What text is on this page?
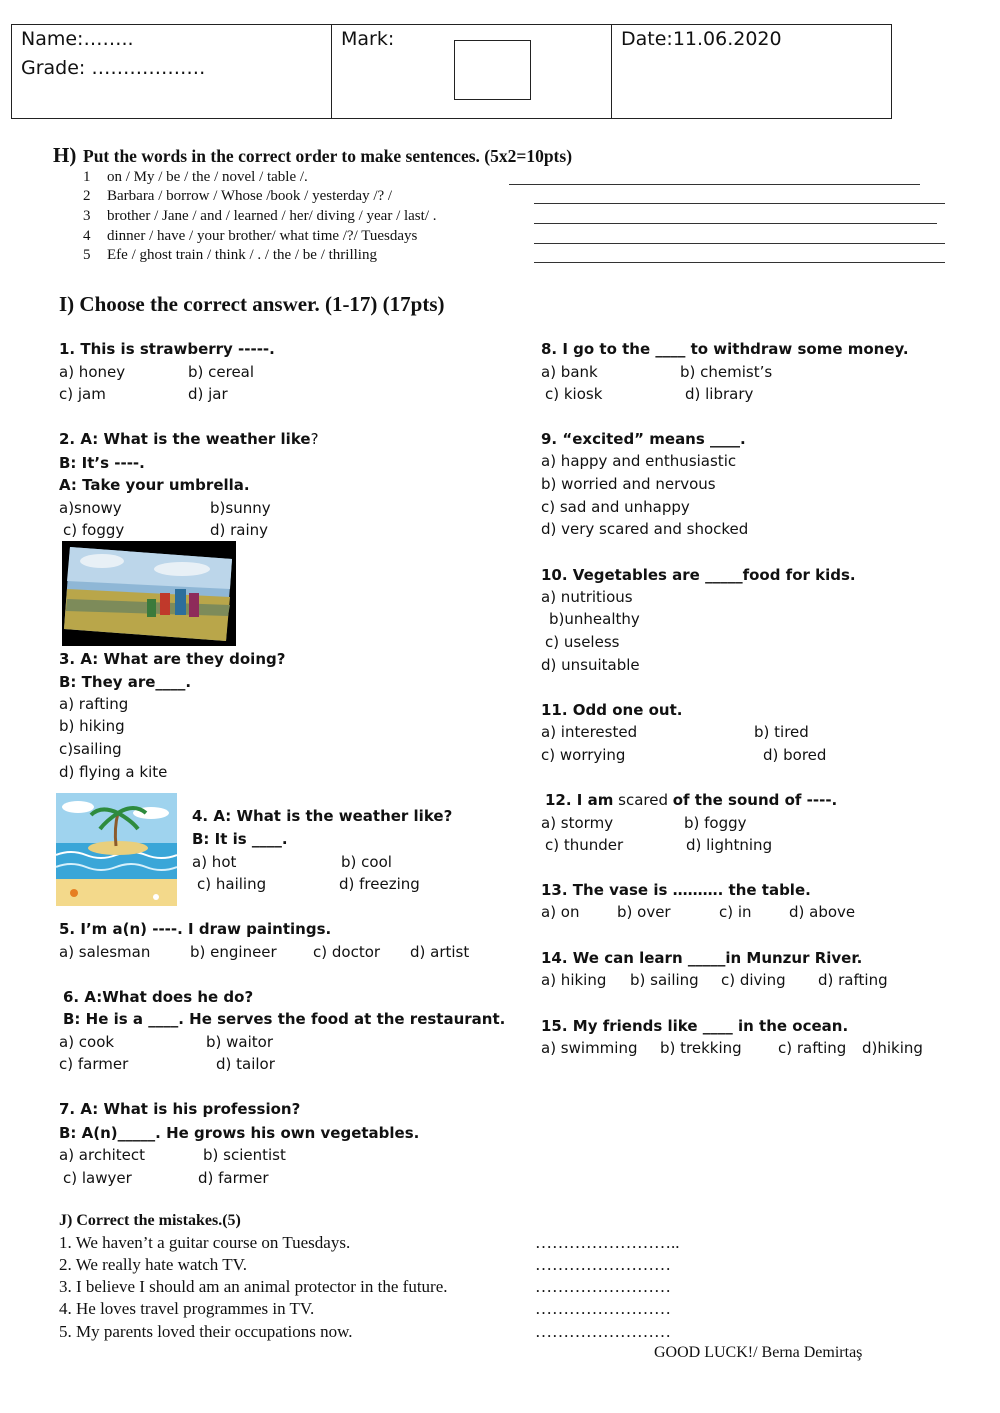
Name:……..
Grade: ………………
Mark:	Date:11.06.2020
H) Put the words in the correct order to make sentences. (5x2=10pts)
1 on / My / be / the / novel / table /.
2 Barbara / borrow / Whose /book / yesterday /? /
3 brother / Jane / and / learned / her/ diving / year / last/ .
4 dinner / have / your brother/ what time /?/ Tuesdays
5 Efe / ghost train / think / . / the / be / thrilling
I) Choose the correct answer. (1-17) (17pts)
1. This is strawberry -----.
a) honey	b) cereal
c) jam	d) jar
2. A: What is the weather like?
B: It’s ----.
A: Take your umbrella.
a)snowy	b)sunny
c) foggy	d) rainy
3. A: What are they doing?
B: They are____.
a) rafting
b) hiking
c)sailing
d) flying a kite
4. A: What is the weather like?
B: It is ____.
a) hot	b) cool
c) hailing	d) freezing
5. I’m a(n) ----. I draw paintings.
a) salesman	b) engineer c) doctor d) artist
6. A:What does he do?
B: He is a ____. He serves the food at the restaurant.
a) cook	b) waitor
c) farmer	d) tailor
7. A: What is his profession?
B: A(n)_____. He grows his own vegetables.
a) architect	b) scientist
c) lawyer	d) farmer
8. I go to the ____ to withdraw some money.
a) bank	b) chemist’s
c) kiosk	d) library
9. “excited” means ____.
a) happy and enthusiastic
b) worried and nervous
c) sad and unhappy
d) very scared and shocked
10. Vegetables are _____food for kids.
a) nutritious
b)unhealthy
c) useless
d) unsuitable
11. Odd one out.
a) interested	b) tired
c) worrying	d) bored
12. I am scared of the sound of ----.
a) stormy	b) foggy
c) thunder	d) lightning
13. The vase is ………. the table.
a) on	b) over	c) in d) above
14. We can learn _____in Munzur River.
a) hiking b) sailing c) diving d) rafting
15. My friends like ____ in the ocean.
a) swimming b) trekking c) rafting d)hiking
J) Correct the mistakes.(5)
1. We haven’t a guitar course on Tuesdays.	……………………..
2. We really hate watch TV.	……………………
3. I believe I should am an animal protector in the future.	……………………
4. He loves travel programmes in TV.	……………………
5. My parents loved their occupations now.	……………………
GOOD LUCK!/ Berna Demirtaş
